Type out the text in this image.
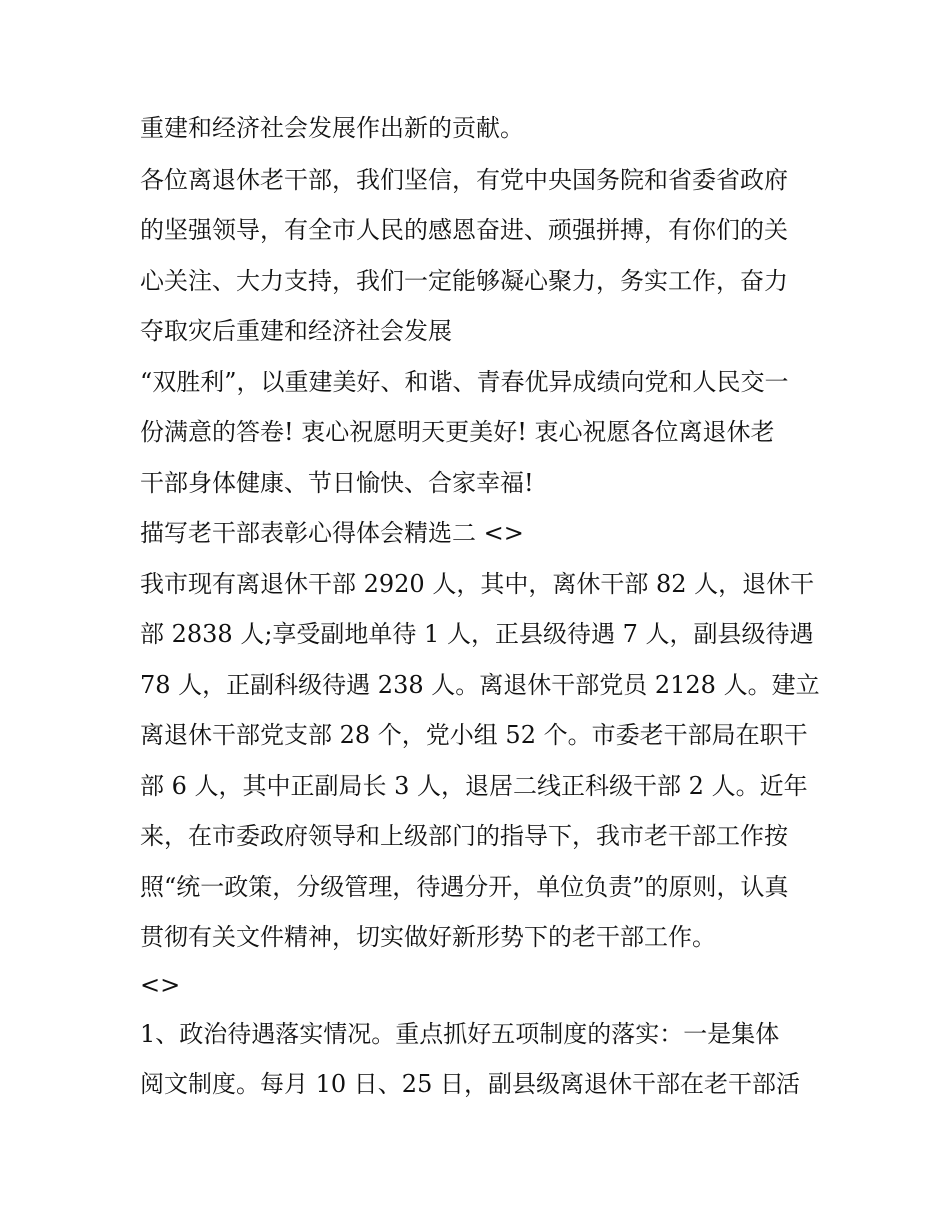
重建和经济社会发展作出新的贡献。
各位离退休老干部，我们坚信，有党中央国务院和省委省政府
的坚强领导，有全市人民的感恩奋进、顽强拼搏，有你们的关
心关注、大力支持，我们一定能够凝心聚力，务实工作，奋力
夺取灾后重建和经济社会发展
“双胜利”，以重建美好、和谐、青春优异成绩向党和人民交一
份满意的答卷! 衷心祝愿明天更美好! 衷心祝愿各位离退休老
干部身体健康、节日愉快、合家幸福!
描写老干部表彰心得体会精选二 <>
我市现有离退休干部 2920 人，其中，离休干部 82 人，退休干
部 2838 人;享受副地单待 1 人，正县级待遇 7 人，副县级待遇
78 人，正副科级待遇 238 人。离退休干部党员 2128 人。建立
离退休干部党支部 28 个，党小组 52 个。市委老干部局在职干
部 6 人，其中正副局长 3 人，退居二线正科级干部 2 人。近年
来，在市委政府领导和上级部门的指导下，我市老干部工作按
照“统一政策，分级管理，待遇分开，单位负责”的原则，认真
贯彻有关文件精神，切实做好新形势下的老干部工作。
<>
1、政治待遇落实情况。重点抓好五项制度的落实：一是集体
阅文制度。每月 10 日、25 日，副县级离退休干部在老干部活
